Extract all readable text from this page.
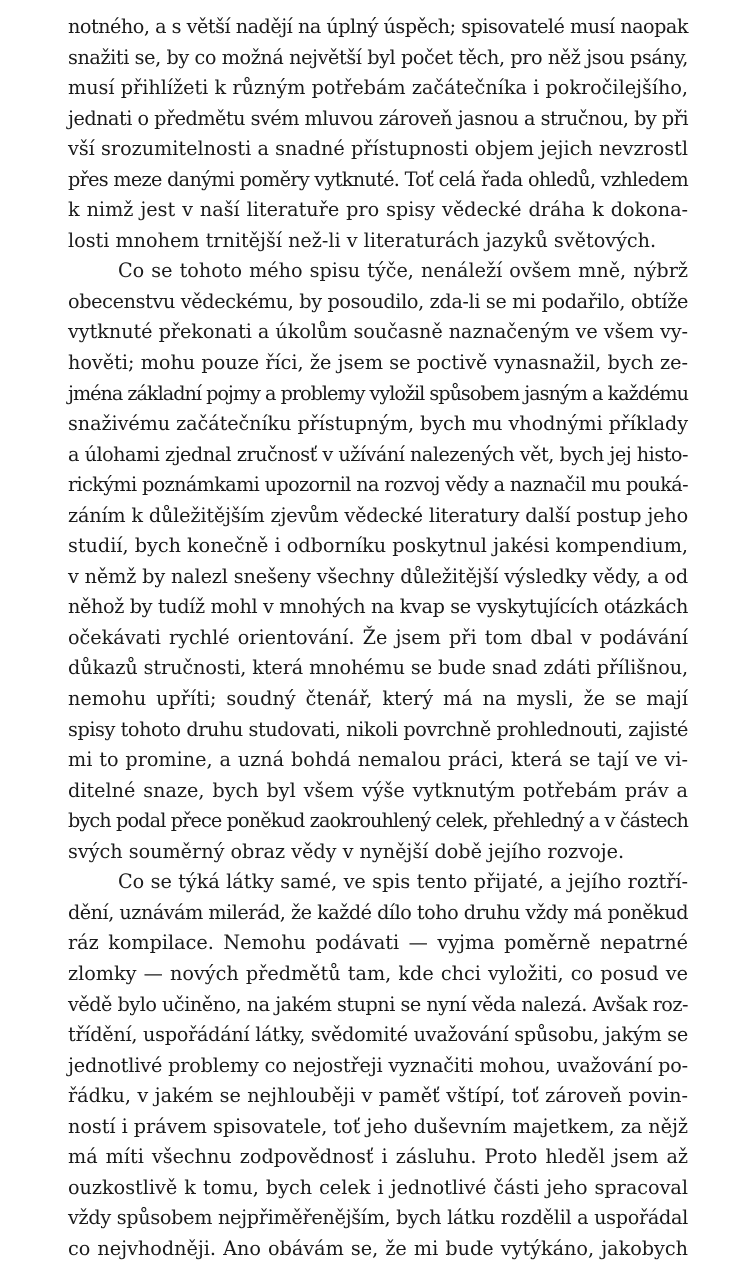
notného, a s větší nadějí na úplný úspěch; spisovatelé musí naopak
snažiti se, by co možná největší byl počet těch, pro něž jsou psány,
musí přihlížeti k různým potřebám začátečníka i pokročilejšího,
jednati o předmětu svém mluvou zároveň jasnou a stručnou, by při
vší srozumitelnosti a snadné přístupnosti objem jejich nevzrostl
přes meze danými poměry vytknuté. Toť celá řada ohledů, vzhledem
k nimž jest v naší literatuře pro spisy vědecké dráha k dokona-
losti mnohem trnitější než-li v literaturách jazyků světových.
Co se tohoto mého spisu týče, nenáleží ovšem mně, nýbrž
obecenstvu vědeckému, by posoudilo, zda-li se mi podařilo, obtíže
vytknuté překonati a úkolům současně naznačeným ve všem vy-
hověti; mohu pouze říci, že jsem se poctivě vynasnažil, bych ze-
jména základní pojmy a problemy vyložil spůsobem jasným a každému
snaživému začátečníku přístupným, bych mu vhodnými příklady
a úlohami zjednal zručnosť v užívání nalezených vět, bych jej histo-
rickými poznámkami upozornil na rozvoj vědy a naznačil mu pouká-
záním k důležitějším zjevům vědecké literatury další postup jeho
studií, bych konečně i odborníku poskytnul jakési kompendium,
v němž by nalezl snešeny všechny důležitější výsledky vědy, a od
něhož by tudíž mohl v mnohých na kvap se vyskytujících otázkách
očekávati rychlé orientování. Že jsem při tom dbal v podávání
důkazů stručnosti, která mnohému se bude snad zdáti přílišnou,
nemohu upříti; soudný čtenář, který má na mysli, že se mají
spisy tohoto druhu studovati, nikoli povrchně prohlednouti, zajisté
mi to promine, a uzná bohdá nemalou práci, která se tají ve vi-
ditelné snaze, bych byl všem výše vytknutým potřebám práv a
bych podal přece poněkud zaokrouhlený celek, přehledný a v částech
svých souměrný obraz vědy v nynější době jejího rozvoje.
Co se týká látky samé, ve spis tento přijaté, a jejího roztří-
dění, uznávám milerád, že každé dílo toho druhu vždy má poněkud
ráz kompilace. Nemohu podávati — vyjma poměrně nepatrné
zlomky — nových předmětů tam, kde chci vyložiti, co posud ve
vědě bylo učiněno, na jakém stupni se nyní věda nalezá. Avšak roz-
třídění, uspořádání látky, svědomité uvažování spůsobu, jakým se
jednotlivé problemy co nejostřeji vyznačiti mohou, uvažování po-
řádku, v jakém se nejhlouběji v paměť vštípí, toť zároveň povin-
ností i právem spisovatele, toť jeho duševním majetkem, za nějž
má míti všechnu zodpovědnosť i zásluhu. Proto hleděl jsem až
ouzkostlivě k tomu, bych celek i jednotlivé části jeho spracoval
vždy spůsobem nejpřiměřenějším, bych látku rozdělil a uspořádal
co nejvhodněji. Ano obávám se, že mi bude vytýkáno, jakobych
